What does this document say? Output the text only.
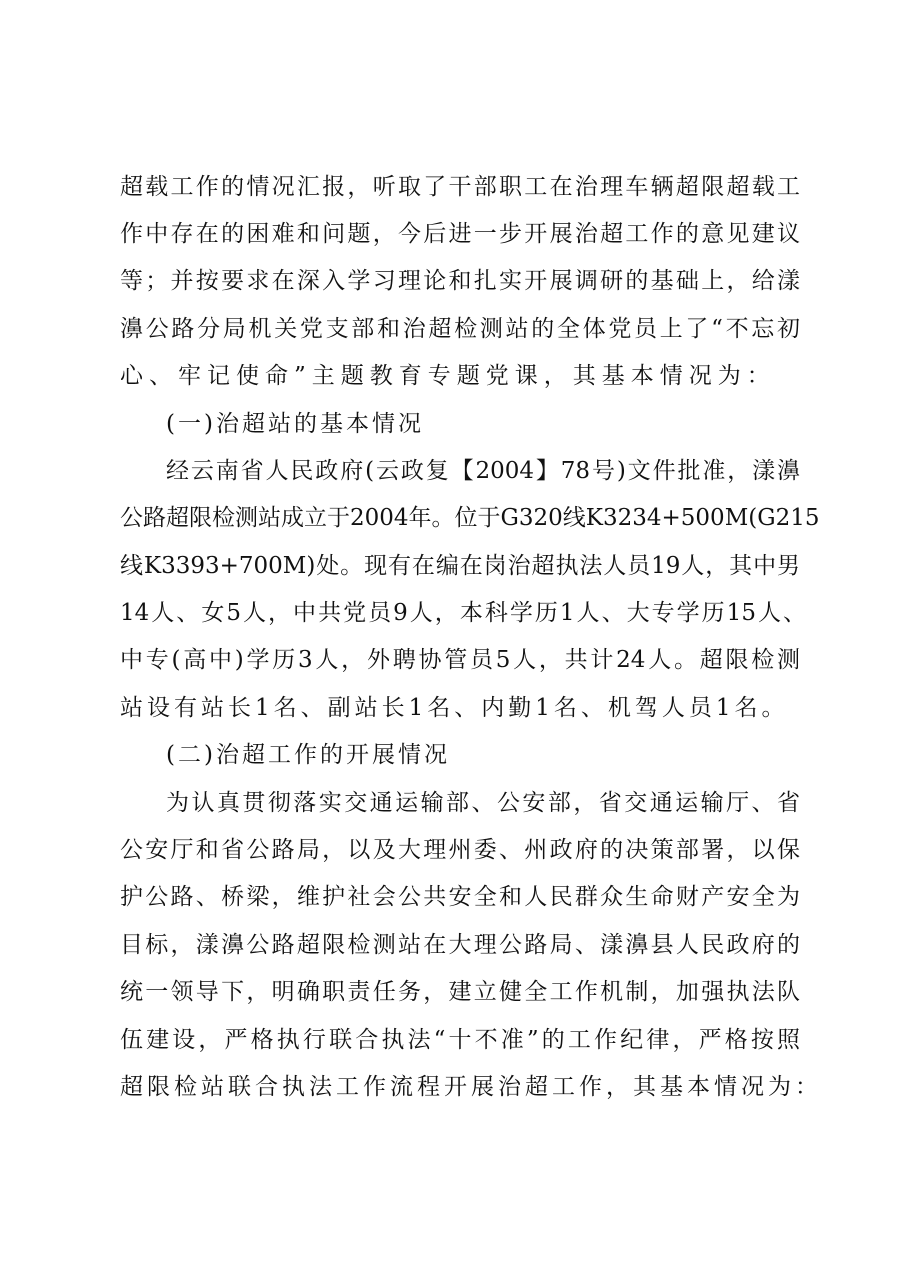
超载工作的情况汇报，听取了干部职工在治理车辆超限超载工
作中存在的困难和问题，今后进一步开展治超工作的意见建议
等；并按要求在深入学习理论和扎实开展调研的基础上，给漾
濞公路分局机关党支部和治超检测站的全体党员上了“不忘初
心、牢记使命”主题教育专题党课，其基本情况为：
(一)治超站的基本情况
经云南省人民政府(云政复【2004】78号)文件批准，漾濞
公路超限检测站成立于2004年。位于G320线K3234+500M(G215
线K3393+700M)处。现有在编在岗治超执法人员19人，其中男
14人、女5人，中共党员9人，本科学历1人、大专学历15人、
中专(高中)学历3人，外聘协管员5人，共计24人。超限检测
站设有站长1名、副站长1名、内勤1名、机驾人员1名。
(二)治超工作的开展情况
为认真贯彻落实交通运输部、公安部，省交通运输厅、省
公安厅和省公路局，以及大理州委、州政府的决策部署，以保
护公路、桥梁，维护社会公共安全和人民群众生命财产安全为
目标，漾濞公路超限检测站在大理公路局、漾濞县人民政府的
统一领导下，明确职责任务，建立健全工作机制，加强执法队
伍建设，严格执行联合执法“十不准”的工作纪律，严格按照
超限检站联合执法工作流程开展治超工作，其基本情况为：
